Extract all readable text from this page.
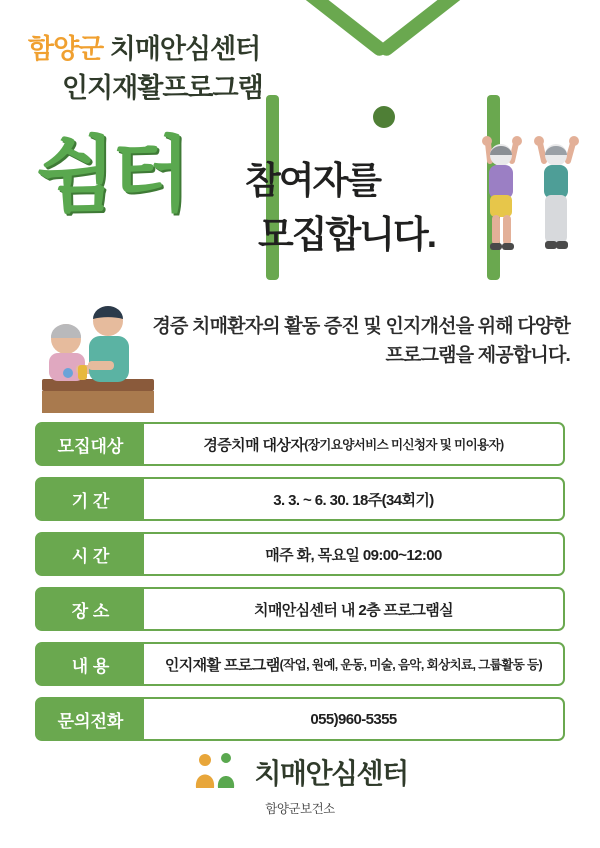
함양군 치매안심센터
인지재활프로그램
쉼터 참여자를
모집합니다.
경증 치매환자의 활동 증진 및 인지개선을 위해 다양한 프로그램을 제공합니다.
모집대상	경증치매 대상자 (장기요양서비스 미신청자 및 미이용자)
기 간	3. 3. ~ 6. 30. 18주(34회기)
시 간	매주 화, 목요일 09:00~12:00
장 소	치매안심센터 내 2층 프로그램실
내 용	인지재활 프로그램 (작업, 원예, 운동, 미술, 음악, 회상치료, 그룹활동 등)
문의전화	055)960-5355
치매안심센터
함양군보건소
